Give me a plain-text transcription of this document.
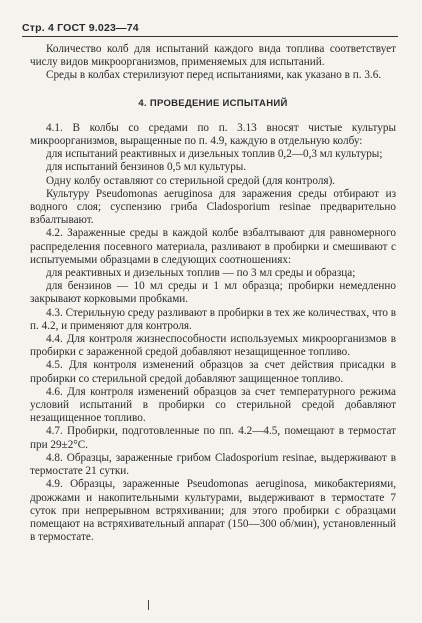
Стр. 4 ГОСТ 9.023—74

Количество колб для испытаний каждого вида топлива соответствует числу видов микроорганизмов, применяемых для испытаний.

Среды в колбах стерилизуют перед испытаниями, как указано в п. 3.6.

4. ПРОВЕДЕНИЕ ИСПЫТАНИЙ

4.1. В колбы со средами по п. 3.13 вносят чистые культуры микроорганизмов, выращенные по п. 4.9, каждую в отдельную колбу:

для испытаний реактивных и дизельных топлив 0,2—0,3 мл культуры;

для испытаний бензинов 0,5 мл культуры.

Одну колбу оставляют со стерильной средой (для контроля).

Культуру Pseudomonas aeruginosa для заражения среды отбирают из водного слоя; суспензию гриба Cladosporium resinae предварительно взбалтывают.

4.2. Зараженные среды в каждой колбе взбалтывают для равномерного распределения посевного материала, разливают в пробирки и смешивают с испытуемыми образцами в следующих соотношениях:

для реактивных и дизельных топлив — по 3 мл среды и образца;

для бензинов — 10 мл среды и 1 мл образца; пробирки немедленно закрывают корковыми пробками.

4.3. Стерильную среду разливают в пробирки в тех же количествах, что в п. 4.2, и применяют для контроля.

4.4. Для контроля жизнеспособности используемых микроорганизмов в пробирки с зараженной средой добавляют незащищенное топливо.

4.5. Для контроля изменений образцов за счет действия присадки в пробирки со стерильной средой добавляют защищенное топливо.

4.6. Для контроля изменений образцов за счет температурного режима условий испытаний в пробирки со стерильной средой добавляют незащищенное топливо.

4.7. Пробирки, подготовленные по пп. 4.2—4.5, помещают в термостат при 29±2°С.

4.8. Образцы, зараженные грибом Cladosporium resinae, выдерживают в термостате 21 сутки.

4.9. Образцы, зараженные Pseudomonas aeruginosa, микобактериями, дрожжами и накопительными культурами, выдерживают в термостате 7 суток при непрерывном встряхивании; для этого пробирки с образцами помещают на встряхивательный аппарат (150—300 об/мин), установленный в термостате.
